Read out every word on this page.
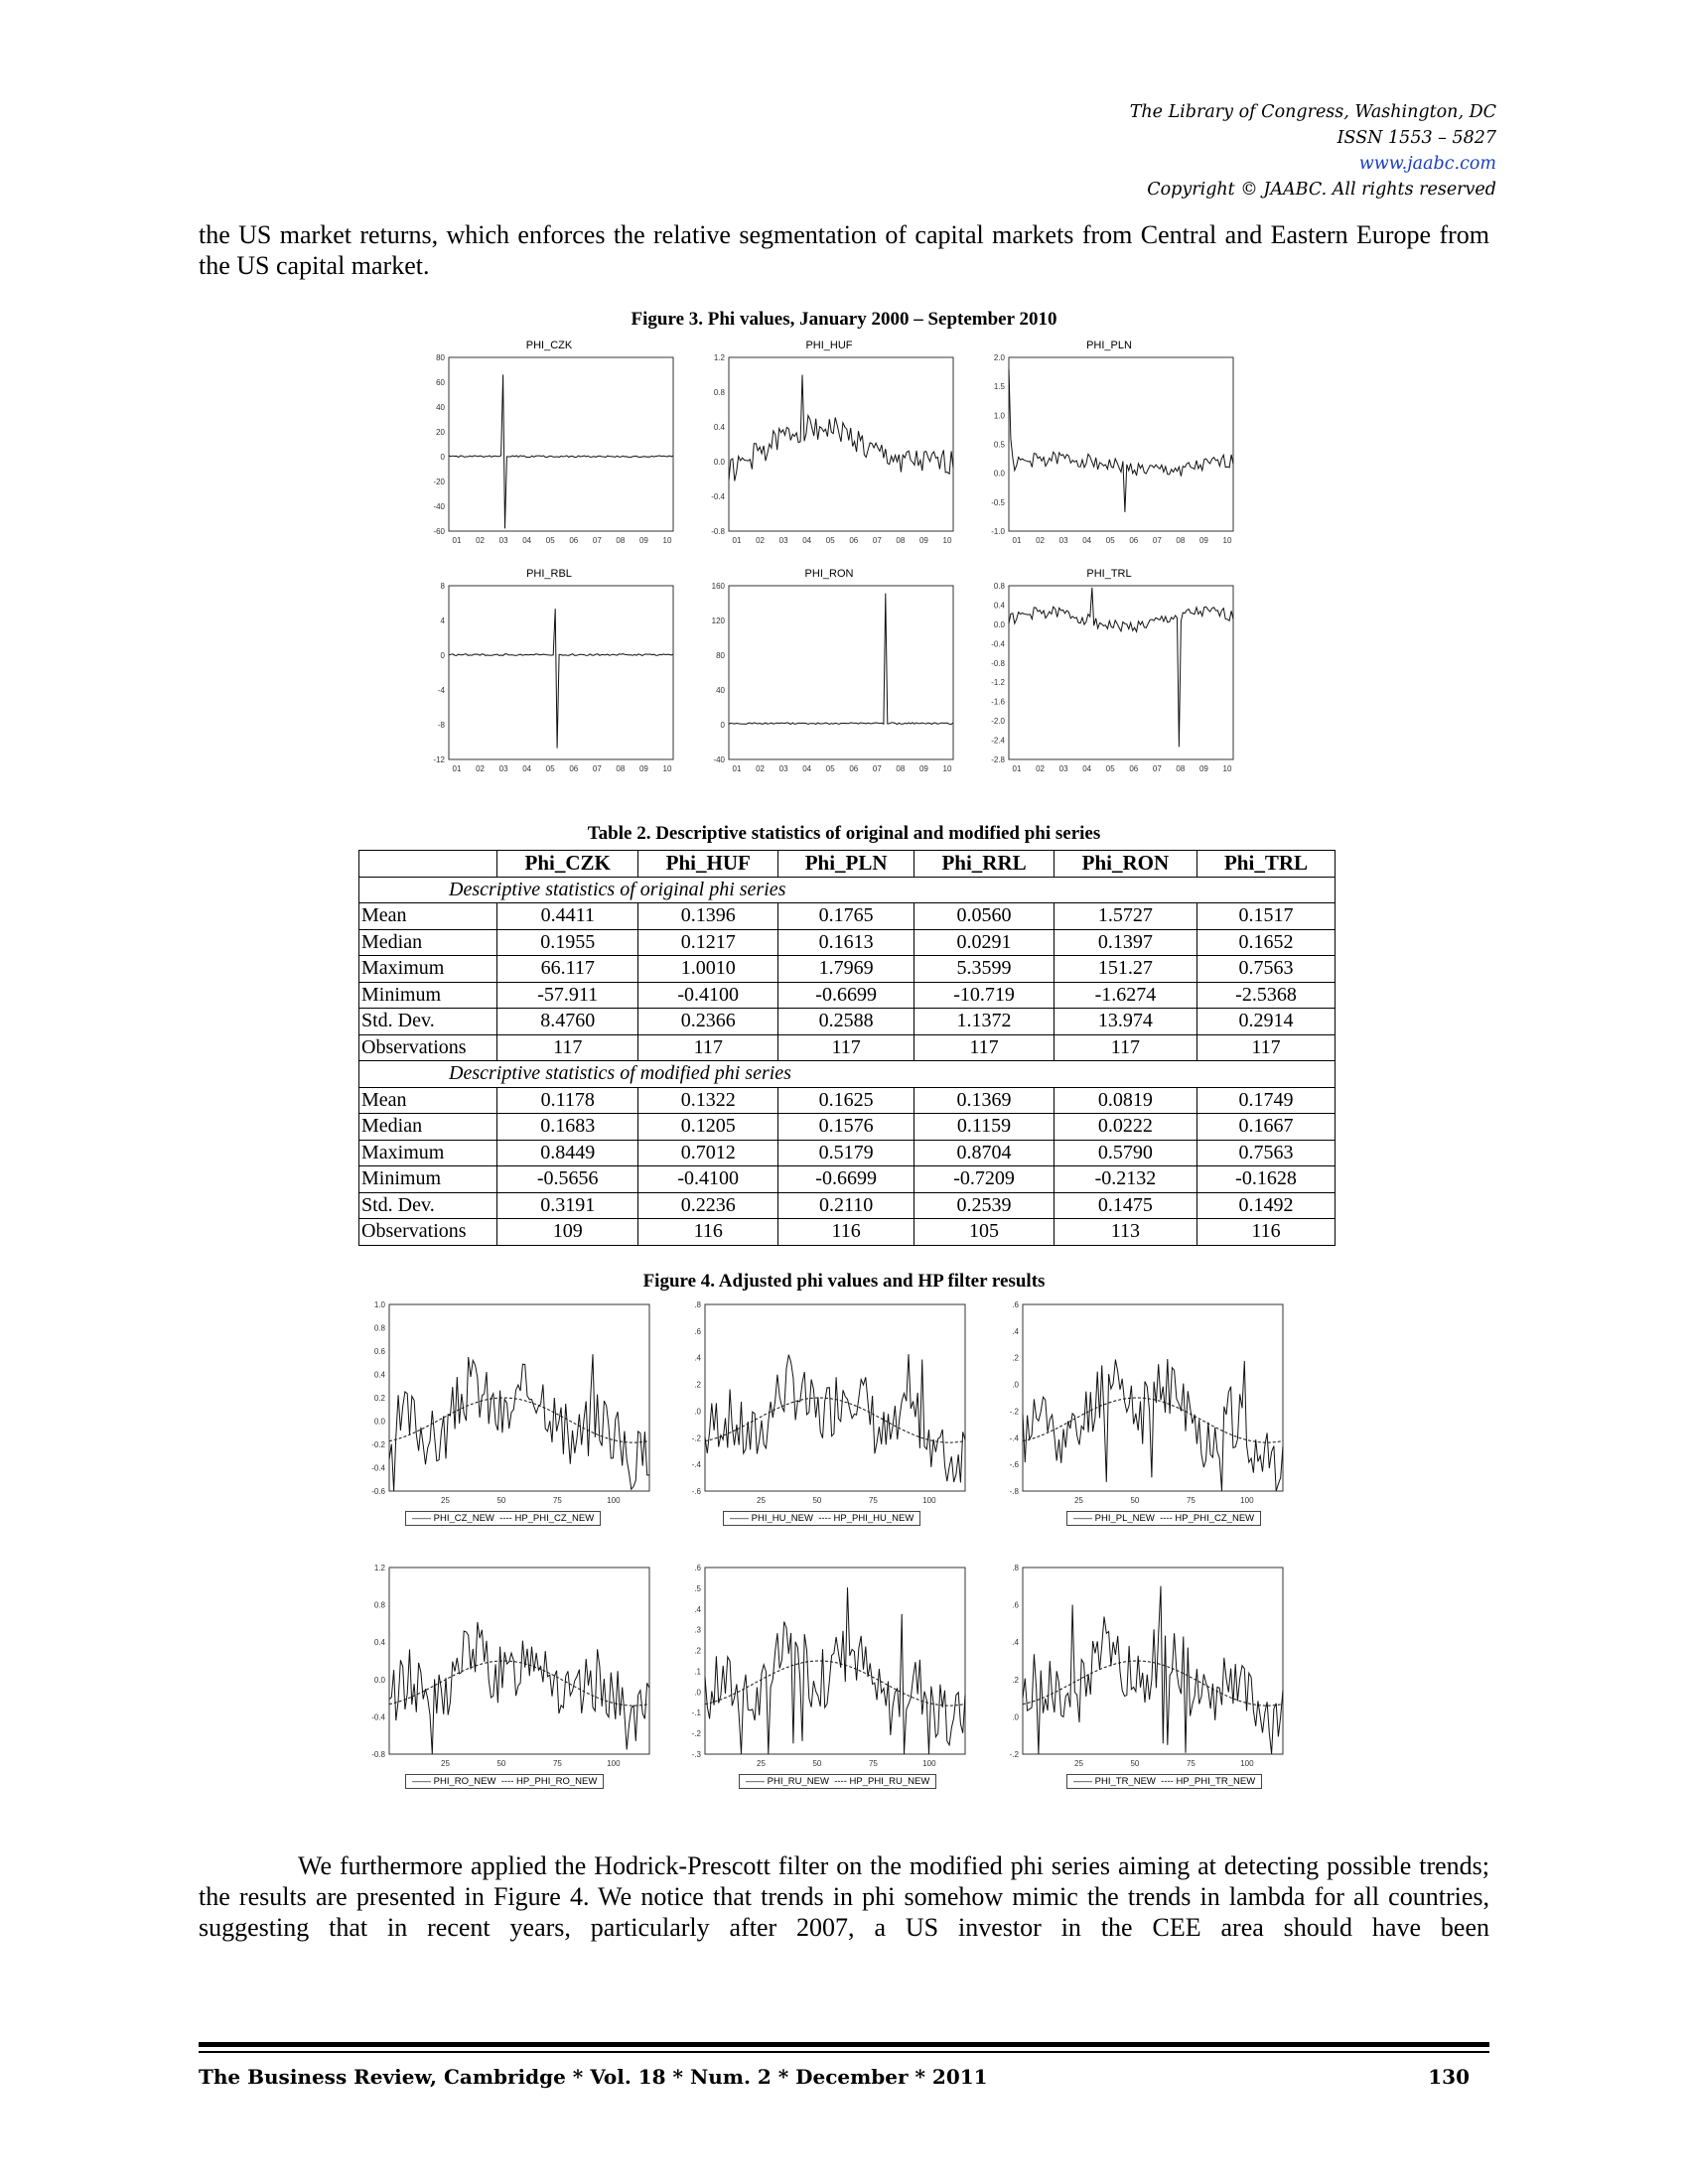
The Library of Congress, Washington, DC
ISSN 1553 – 5827
www.jaabc.com
Copyright © JAABC. All rights reserved
the US market returns, which enforces the relative segmentation of capital markets from Central and Eastern Europe from the US capital market.
Figure 3. Phi values, January 2000 – September 2010
PHI_CZK
80
60
40
20
0
-20
-40
-60
01 02 03 04 05 06 07 08 09 10
PHI_HUF
1.2
0.8
0.4
0.0
-0.4
-0.8
01 02 03 04 05 06 07 08 09 10
PHI_PLN
2.0
1.5
1.0
0.5
0.0
-0.5
-1.0
01 02 03 04 05 06 07 08 09 10
PHI_RBL
8
4
0
-4
-8
-12
01 02 03 04 05 06 07 08 09 10
PHI_RON
160
120
80
40
0
-40
01 02 03 04 05 06 07 08 09 10
PHI_TRL
0.8
0.4
0.0
-0.4
-0.8
-1.2
-1.6
-2.0
-2.4
-2.8
01 02 03 04 05 06 07 08 09 10
Table 2. Descriptive statistics of original and modified phi series
	Phi_CZK	Phi_HUF	Phi_PLN	Phi_RRL	Phi_RON	Phi_TRL
Descriptive statistics of original phi series						
Mean	0.4411	0.1396	0.1765	0.0560	1.5727	0.1517
Median	0.1955	0.1217	0.1613	0.0291	0.1397	0.1652
Maximum	66.117	1.0010	1.7969	5.3599	151.27	0.7563
Minimum	-57.911	-0.4100	-0.6699	-10.719	-1.6274	-2.5368
Std. Dev.	8.4760	0.2366	0.2588	1.1372	13.974	0.2914
Observations	117	117	117	117	117	117
Descriptive statistics of modified phi series						
Mean	0.1178	0.1322	0.1625	0.1369	0.0819	0.1749
Median	0.1683	0.1205	0.1576	0.1159	0.0222	0.1667
Maximum	0.8449	0.7012	0.5179	0.8704	0.5790	0.7563
Minimum	-0.5656	-0.4100	-0.6699	-0.7209	-0.2132	-0.1628
Std. Dev.	0.3191	0.2236	0.2110	0.2539	0.1475	0.1492
Observations	109	116	116	105	113	116
Figure 4. Adjusted phi values and HP filter results
1.0
0.8
0.6
0.4
0.2
0.0
-0.2
-0.4
-0.6
25	50	75	100
—— PHI_CZ_NEW  ---- HP_PHI_CZ_NEW
.8
.6
.4
.2
.0
-.2
-.4
-.6
25	50	75	100
—— PHI_HU_NEW  ---- HP_PHI_HU_NEW
.6
.4
.2
.0
-.2
-.4
-.6
-.8
25	50	75	100
—— PHI_PL_NEW  ---- HP_PHI_CZ_NEW
1.2
0.8
0.4
0.0
-0.4
-0.8
25	50	75	100
—— PHI_RO_NEW  ---- HP_PHI_RO_NEW
.6
.5
.4
.3
.2
.1
.0
-.1
-.2
-.3
25	50	75	100
—— PHI_RU_NEW  ---- HP_PHI_RU_NEW
.8
.6
.4
.2
.0
-.2
25	50	75	100
—— PHI_TR_NEW  ---- HP_PHI_TR_NEW
We furthermore applied the Hodrick-Prescott filter on the modified phi series aiming at detecting possible trends; the results are presented in Figure 4. We notice that trends in phi somehow mimic the trends in lambda for all countries, suggesting that in recent years, particularly after 2007, a US investor in the CEE area should have been
The Business Review, Cambridge * Vol. 18 * Num. 2 * December * 2011	130
